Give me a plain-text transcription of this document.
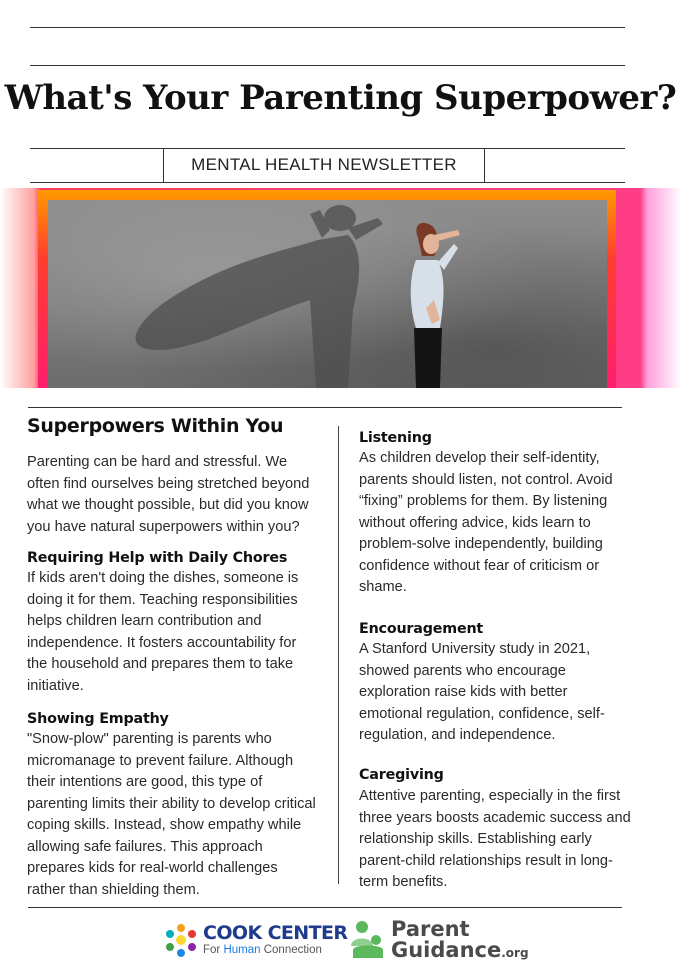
What's Your Parenting Superpower?
MENTAL HEALTH NEWSLETTER
Superpowers Within You
Parenting can be hard and stressful. We
often find ourselves being stretched beyond
what we thought possible, but did you know
you have natural superpowers within you?
Requiring Help with Daily Chores
If kids aren't doing the dishes, someone is
doing it for them. Teaching responsibilities
helps children learn contribution and
independence. It fosters accountability for
the household and prepares them to take
initiative.
Showing Empathy
"Snow-plow" parenting is parents who
micromanage to prevent failure. Although
their intentions are good, this type of
parenting limits their ability to develop critical
coping skills. Instead, show empathy while
allowing safe failures. This approach
prepares kids for real-world challenges
rather than shielding them.
Listening
As children develop their self-identity,
parents should listen, not control. Avoid
“fixing” problems for them. By listening
without offering advice, kids learn to
problem-solve independently, building
confidence without fear of criticism or
shame.
Encouragement
A Stanford University study in 2021,
showed parents who encourage
exploration raise kids with better
emotional regulation, confidence, self-
regulation, and independence.
Caregiving
Attentive parenting, especially in the first
three years boosts academic success and
relationship skills. Establishing early
parent-child relationships result in long-
term benefits.
COOK CENTER
For Human Connection
Parent
Guidance.org
